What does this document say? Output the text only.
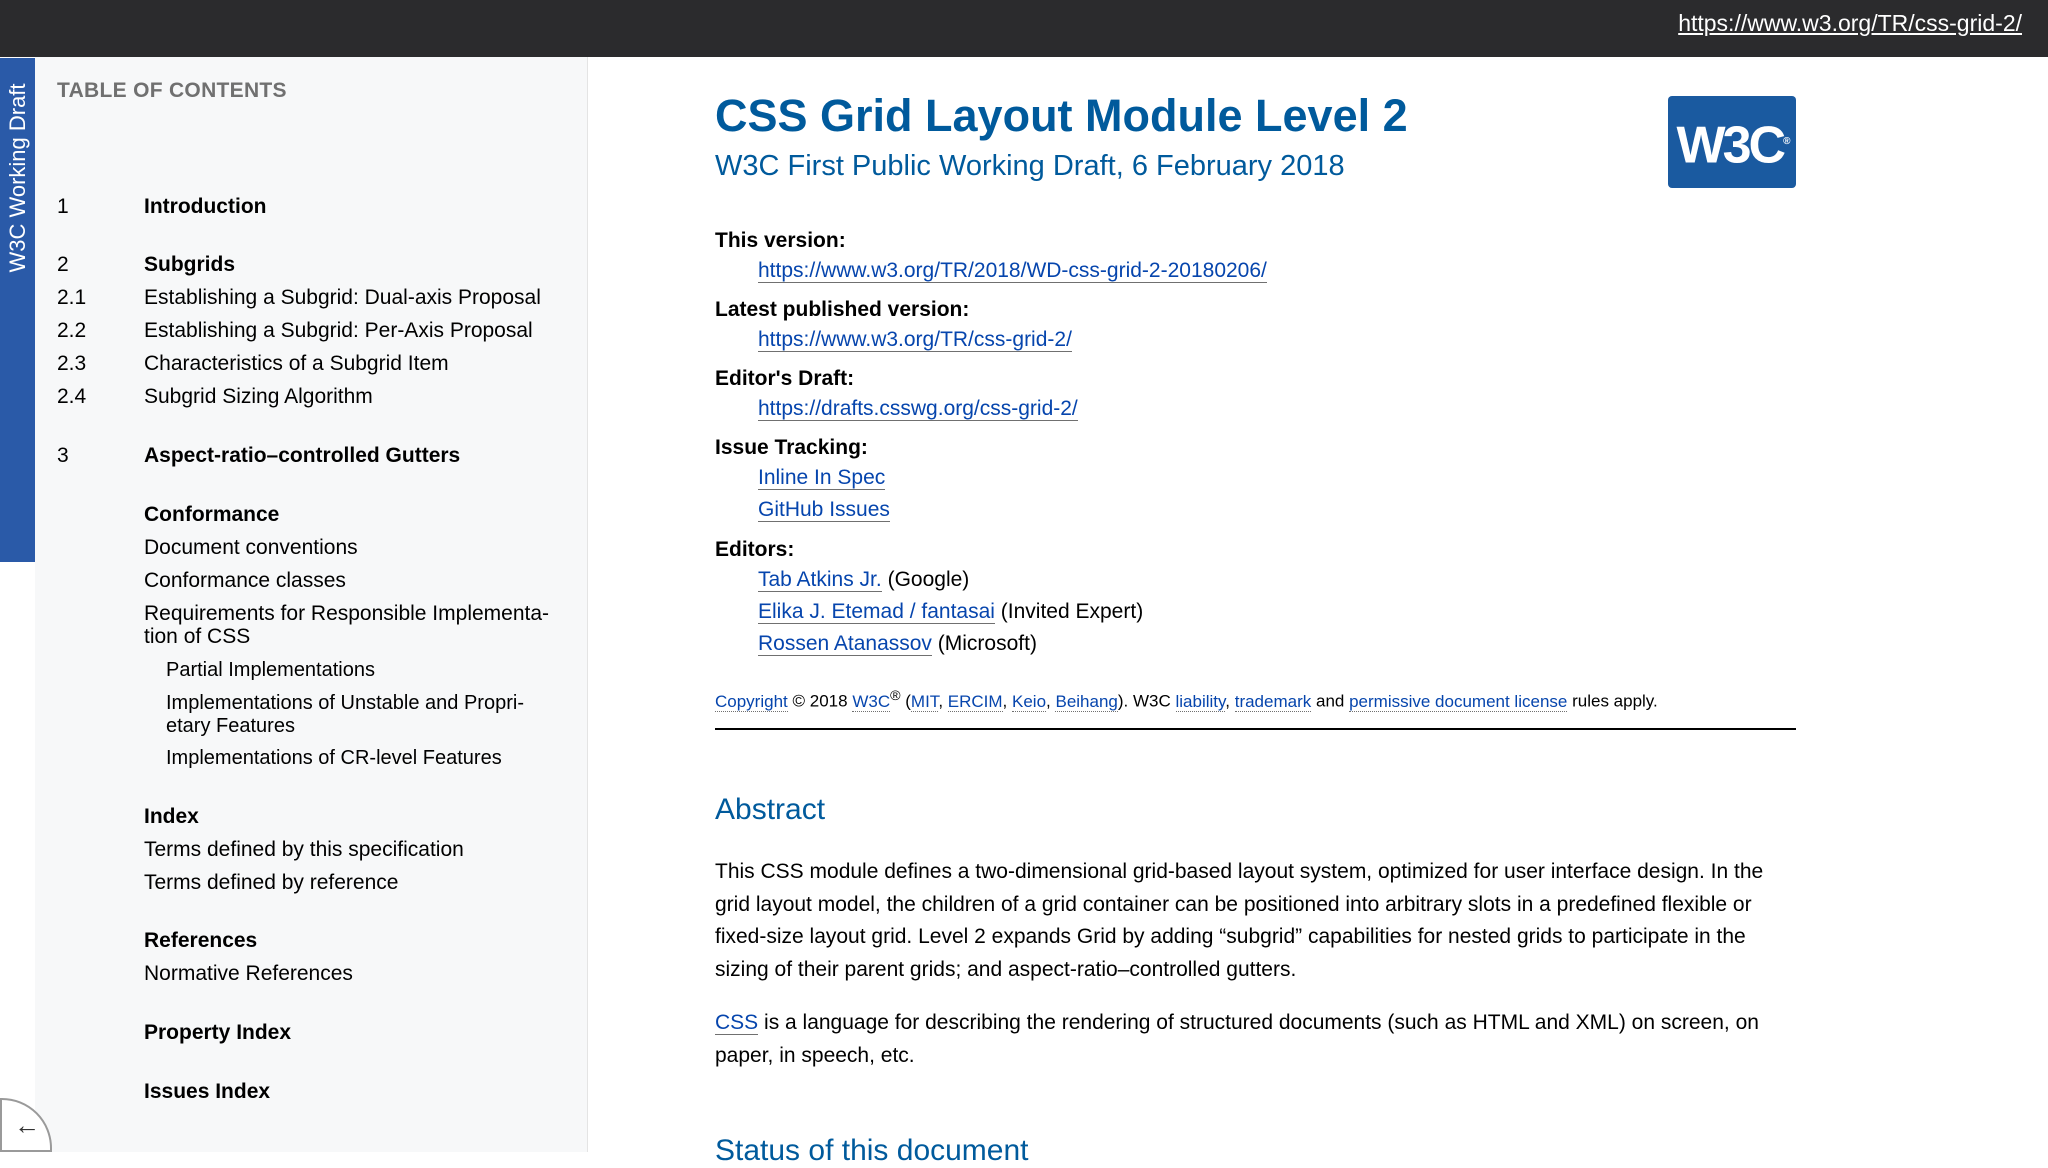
https://www.w3.org/TR/css-grid-2/
TABLE OF CONTENTS
1	Introduction
2	Subgrids
2.1	Establishing a Subgrid: Dual-axis Proposal
2.2	Establishing a Subgrid: Per-Axis Proposal
2.3	Characteristics of a Subgrid Item
2.4	Subgrid Sizing Algorithm
3	Aspect-ratio–controlled Gutters
Conformance
Document conventions
Conformance classes
Requirements for Responsible Implementation of CSS
Partial Implementations
Implementations of Unstable and Proprietary Features
Implementations of CR-level Features
Index
Terms defined by this specification
Terms defined by reference
References
Normative References
Property Index
Issues Index
W3C Working Draft
←
CSS Grid Layout Module Level 2
W3C First Public Working Draft, 6 February 2018	W3C®
This version:
https://www.w3.org/TR/2018/WD-css-grid-2-20180206/
Latest published version:
https://www.w3.org/TR/css-grid-2/
Editor's Draft:
https://drafts.csswg.org/css-grid-2/
Issue Tracking:
Inline In Spec
GitHub Issues
Editors:
Tab Atkins Jr. (Google)
Elika J. Etemad / fantasai (Invited Expert)
Rossen Atanassov (Microsoft)
Copyright © 2018 W3C® (MIT, ERCIM, Keio, Beihang). W3C liability, trademark and permissive document license rules apply.
Abstract
This CSS module defines a two-dimensional grid-based layout system, optimized for user interface design. In the grid layout model, the children of a grid container can be positioned into arbitrary slots in a predefined flexible or fixed-size layout grid. Level 2 expands Grid by adding “subgrid” capabilities for nested grids to participate in the sizing of their parent grids; and aspect-ratio–controlled gutters.
CSS is a language for describing the rendering of structured documents (such as HTML and XML) on screen, on paper, in speech, etc.
Status of this document
